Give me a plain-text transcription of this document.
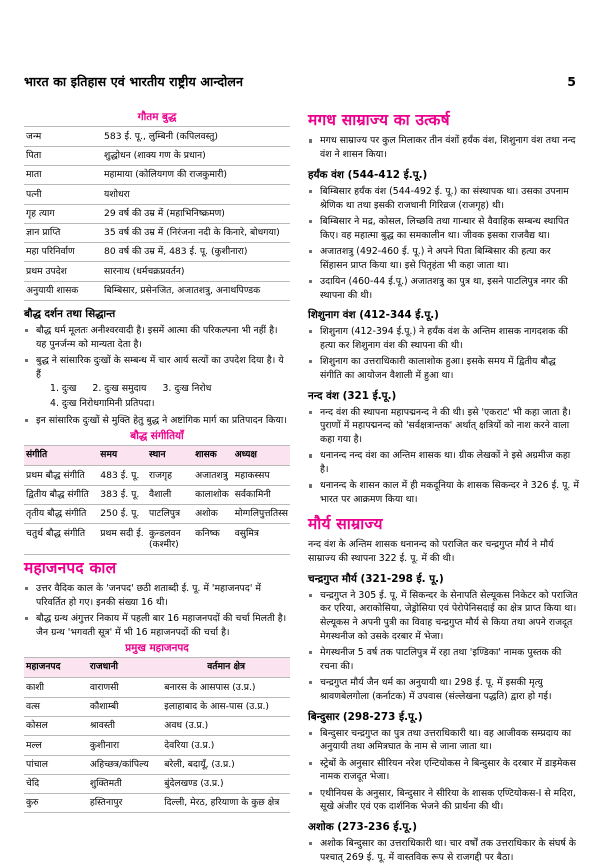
भारत का इतिहास एवं भारतीय राष्ट्रीय आन्दोलन	5
गौतम बुद्ध
जन्म	583 ई. पू., लुम्बिनी (कपिलवस्तु)
पिता	शुद्धोधन (शाक्य गण के प्रधान)
माता	महामाया (कोलियगण की राजकुमारी)
पत्नी	यशोधरा
गृह त्याग	29 वर्ष की उम्र में (महाभिनिष्क्रमण)
ज्ञान प्राप्ति	35 वर्ष की उम्र में (निरंजना नदी के किनारे, बोधगया)
महा परिनिर्वाण	80 वर्ष की उम्र में, 483 ई. पू. (कुशीनारा)
प्रथम उपदेश	सारनाथ (धर्मचक्रप्रवर्तन)
अनुयायी शासक	बिम्बिसार, प्रसेनजित, अजातशत्रु, अनाथपिण्डक
बौद्ध दर्शन तथा सिद्धान्त
बौद्ध धर्म मूलतः अनीश्वरवादी है। इसमें आत्मा की परिकल्पना भी नहीं है। यह पुनर्जन्म को मान्यता देता है।
बुद्ध ने सांसारिक दुःखों के सम्बन्ध में चार आर्य सत्यों का उपदेश दिया है। ये हैं
1. दुःख 2. दुःख समुदाय 3. दुःख निरोध
4. दुःख निरोधगामिनी प्रतिपदा।
इन सांसारिक दुःखों से मुक्ति हेतु बुद्ध ने अष्टांगिक मार्ग का प्रतिपादन किया।
बौद्ध संगीतियाँ
संगीति	समय	स्थान	शासक	अध्यक्ष
प्रथम बौद्ध संगीति	483 ई. पू.	राजगृह	अजातशत्रु	महाकस्सप
द्वितीय बौद्ध संगीति	383 ई. पू.	वैशाली	कालाशोक	सर्वकामिनी
तृतीय बौद्ध संगीति	250 ई. पू.	पाटलिपुत्र	अशोक	मोग्गलिपुत्ततिस्स
चतुर्थ बौद्ध संगीति	प्रथम सदी ई.	कुन्डलवन (कश्मीर)	कनिष्क	वसुमित्र
महाजनपद काल
उत्तर वैदिक काल के 'जनपद' छठी शताब्दी ई. पू. में 'महाजनपद' में परिवर्तित हो गए। इनकी संख्या 16 थी।
बौद्ध ग्रन्थ अंगुत्तर निकाय में पहली बार 16 महाजनपदों की चर्चा मिलती है। जैन ग्रन्थ 'भगवती सूत्र' में भी 16 महाजनपदों की चर्चा है।
प्रमुख महाजनपद
महाजनपद	राजधानी	वर्तमान क्षेत्र
काशी	वाराणसी	बनारस के आसपास (उ.प्र.)
वत्स	कौशाम्बी	इलाहाबाद के आस-पास (उ.प्र.)
कोसल	श्रावस्ती	अवध (उ.प्र.)
मल्ल	कुशीनारा	देवरिया (उ.प्र.)
पांचाल	अहिच्छत्र/कांपिल्य	बरेली, बदायूँ, (उ.प्र.)
चेदि	शुक्तिमती	बुंदेलखण्ड (उ.प्र.)
कुरु	हस्तिनापुर	दिल्ली, मेरठ, हरियाणा के कुछ क्षेत्र
मगध साम्राज्य का उत्कर्ष
मगध साम्राज्य पर कुल मिलाकर तीन वंशों हर्यंक वंश, शिशुनाग वंश तथा नन्द वंश ने शासन किया।
हर्यंक वंश (544-412 ई.पू.)
बिम्बिसार हर्यंक वंश (544-492 ई. पू.) का संस्थापक था। उसका उपनाम श्रेणिक था तथा इसकी राजधानी गिरिव्रज (राजगृह) थी।
बिम्बिसार ने मद्र, कोसल, लिच्छवि तथा गान्धार से वैवाहिक सम्बन्ध स्थापित किए। वह महात्मा बुद्ध का समकालीन था। जीवक इसका राजवैद्य था।
अजातशत्रु (492-460 ई. पू.) ने अपने पिता बिम्बिसार की हत्या कर सिंहासन प्राप्त किया था। इसे पितृहंता भी कहा जाता था।
उदायिन (460-44 ई.पू.) अजातशत्रु का पुत्र था, इसने पाटलिपुत्र नगर की स्थापना की थी।
शिशुनाग वंश (412-344 ई.पू.)
शिशुनाग (412-394 ई.पू.) ने हर्यंक वंश के अन्तिम शासक नागदशक की हत्या कर शिशुनाग वंश की स्थापना की थी।
शिशुनाग का उत्तराधिकारी कालाशोक हुआ। इसके समय में द्वितीय बौद्ध संगीति का आयोजन वैशाली में हुआ था।
नन्द वंश (321 ई.पू.)
नन्द वंश की स्थापना महापद्मनन्द ने की थी। इसे 'एकराट' भी कहा जाता है। पुराणों में महापद्मनन्द को 'सर्वक्षत्रान्तक' अर्थात् क्षत्रियों को नाश करने वाला कहा गया है।
धनानन्द नन्द वंश का अन्तिम शासक था। ग्रीक लेखकों ने इसे अग्रमीज कहा है।
धनानन्द के शासन काल में ही मकदूनिया के शासक सिकन्दर ने 326 ई. पू. में भारत पर आक्रमण किया था।
मौर्य साम्राज्य

नन्द वंश के अन्तिम शासक धनानन्द को पराजित कर चन्द्रगुप्त मौर्य ने मौर्य साम्राज्य की स्थापना 322 ई. पू. में की थी।

चन्द्रगुप्त मौर्य (321-298 ई. पू.)
चन्द्रगुप्त ने 305 ई. पू. में सिकन्दर के सेनापति सेल्यूकस निकेटर को पराजित कर एरिया, अराकोसिया, जेड्रोसिया एवं पेरोपेनिसदाई का क्षेत्र प्राप्त किया था। सेल्यूकस ने अपनी पुत्री का विवाह चन्द्रगुप्त मौर्य से किया तथा अपने राजदूत मेगस्थनीज को उसके दरबार में भेजा।
मेगस्थनीज 5 वर्ष तक पाटलिपुत्र में रहा तथा 'इण्डिका' नामक पुस्तक की रचना की।
चन्द्रगुप्त मौर्य जैन धर्म का अनुयायी था। 298 ई. पू. में इसकी मृत्यु श्रावणबेलगोला (कर्नाटक) में उपवास (संल्लेखना पद्धति) द्वारा हो गई।
बिन्दुसार (298-273 ई.पू.)
बिन्दुसार चन्द्रगुप्त का पुत्र तथा उत्तराधिकारी था। वह आजीवक सम्प्रदाय का अनुयायी तथा अमित्रघात के नाम से जाना जाता था।
स्ट्रेबों के अनुसार सीरियन नरेश एन्टियोकस ने बिन्दुसार के दरबार में डाइमेकस नामक राजदूत भेजा।
एथीनियस के अनुसार, बिन्दुसार ने सीरिया के शासक एण्टियोकस-I से मदिरा, सूखे अंजीर एवं एक दार्शनिक भेजने की प्रार्थना की थी।
अशोक (273-236 ई.पू.)
अशोक बिन्दुसार का उत्तराधिकारी था। चार वर्षों तक उत्तराधिकार के संघर्ष के पश्चात् 269 ई. पू. में वास्तविक रूप से राजगद्दी पर बैठा।
